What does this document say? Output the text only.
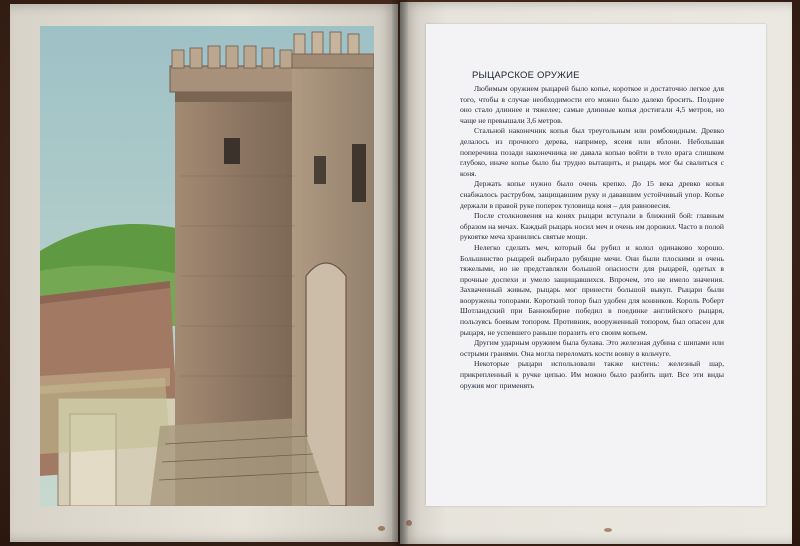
РЫЦАРСКОЕ ОРУЖИЕ

Любимым оружием рыцарей было копье, короткое и достаточно легкое для того, чтобы в случае необходимости его можно было далеко бросить. Позднее оно стало длиннее и тяжелее; самые длинные копья достигали 4,5 метров, но чаще не превышали 3,6 метров.

Стальной наконечник копья был треугольным или ромбовидным. Древко делалось из прочного дерева, например, ясеня или яблони. Небольшая поперечина позади наконечника не давала копью войти в тело врага слишком глубоко, иначе копье было бы трудно вытащить, и рыцарь мог бы свалиться с коня.

Держать копье нужно было очень крепко. До 15 века древко копья снабжалось раструбом, защищавшим руку и дававшим устойчивый упор. Копье держали в правой руке поперек туловища коня – для равновесия.

После столкновения на конях рыцари вступали в ближний бой: главным образом на мечах. Каждый рыцарь носил меч и очень им дорожил. Часто в полой рукоятке меча хранились святые мощи.

Нелегко сделать меч, который бы рубил и колол одинаково хорошо. Большинство рыцарей выбирало рубящие мечи. Они были плоскими и очень тяжелыми, но не представляли большой опасности для рыцарей, одетых в прочные доспехи и умело защищавшихся. Впрочем, это не имело значения. Захваченный живым, рыцарь мог принести большой выкуп. Рыцари были вооружены топорами. Короткий топор был удобен для конников. Король Роберт Шотландский при Баннокберне победил в поединке английского рыцаря, пользуясь боевым топором. Противник, вооруженный топором, был опасен для рыцаря, не успевшего раньше поразить его своим копьем.

Другим ударным оружием была булава. Это железная дубина с шипами или острыми гранями. Она могла переломать кости воину в кольчуге.

Некоторые рыцари использовали также кистень: железный шар, прикрепленный к ручке цепью. Им можно было разбить щит. Все эти виды оружия мог применять
